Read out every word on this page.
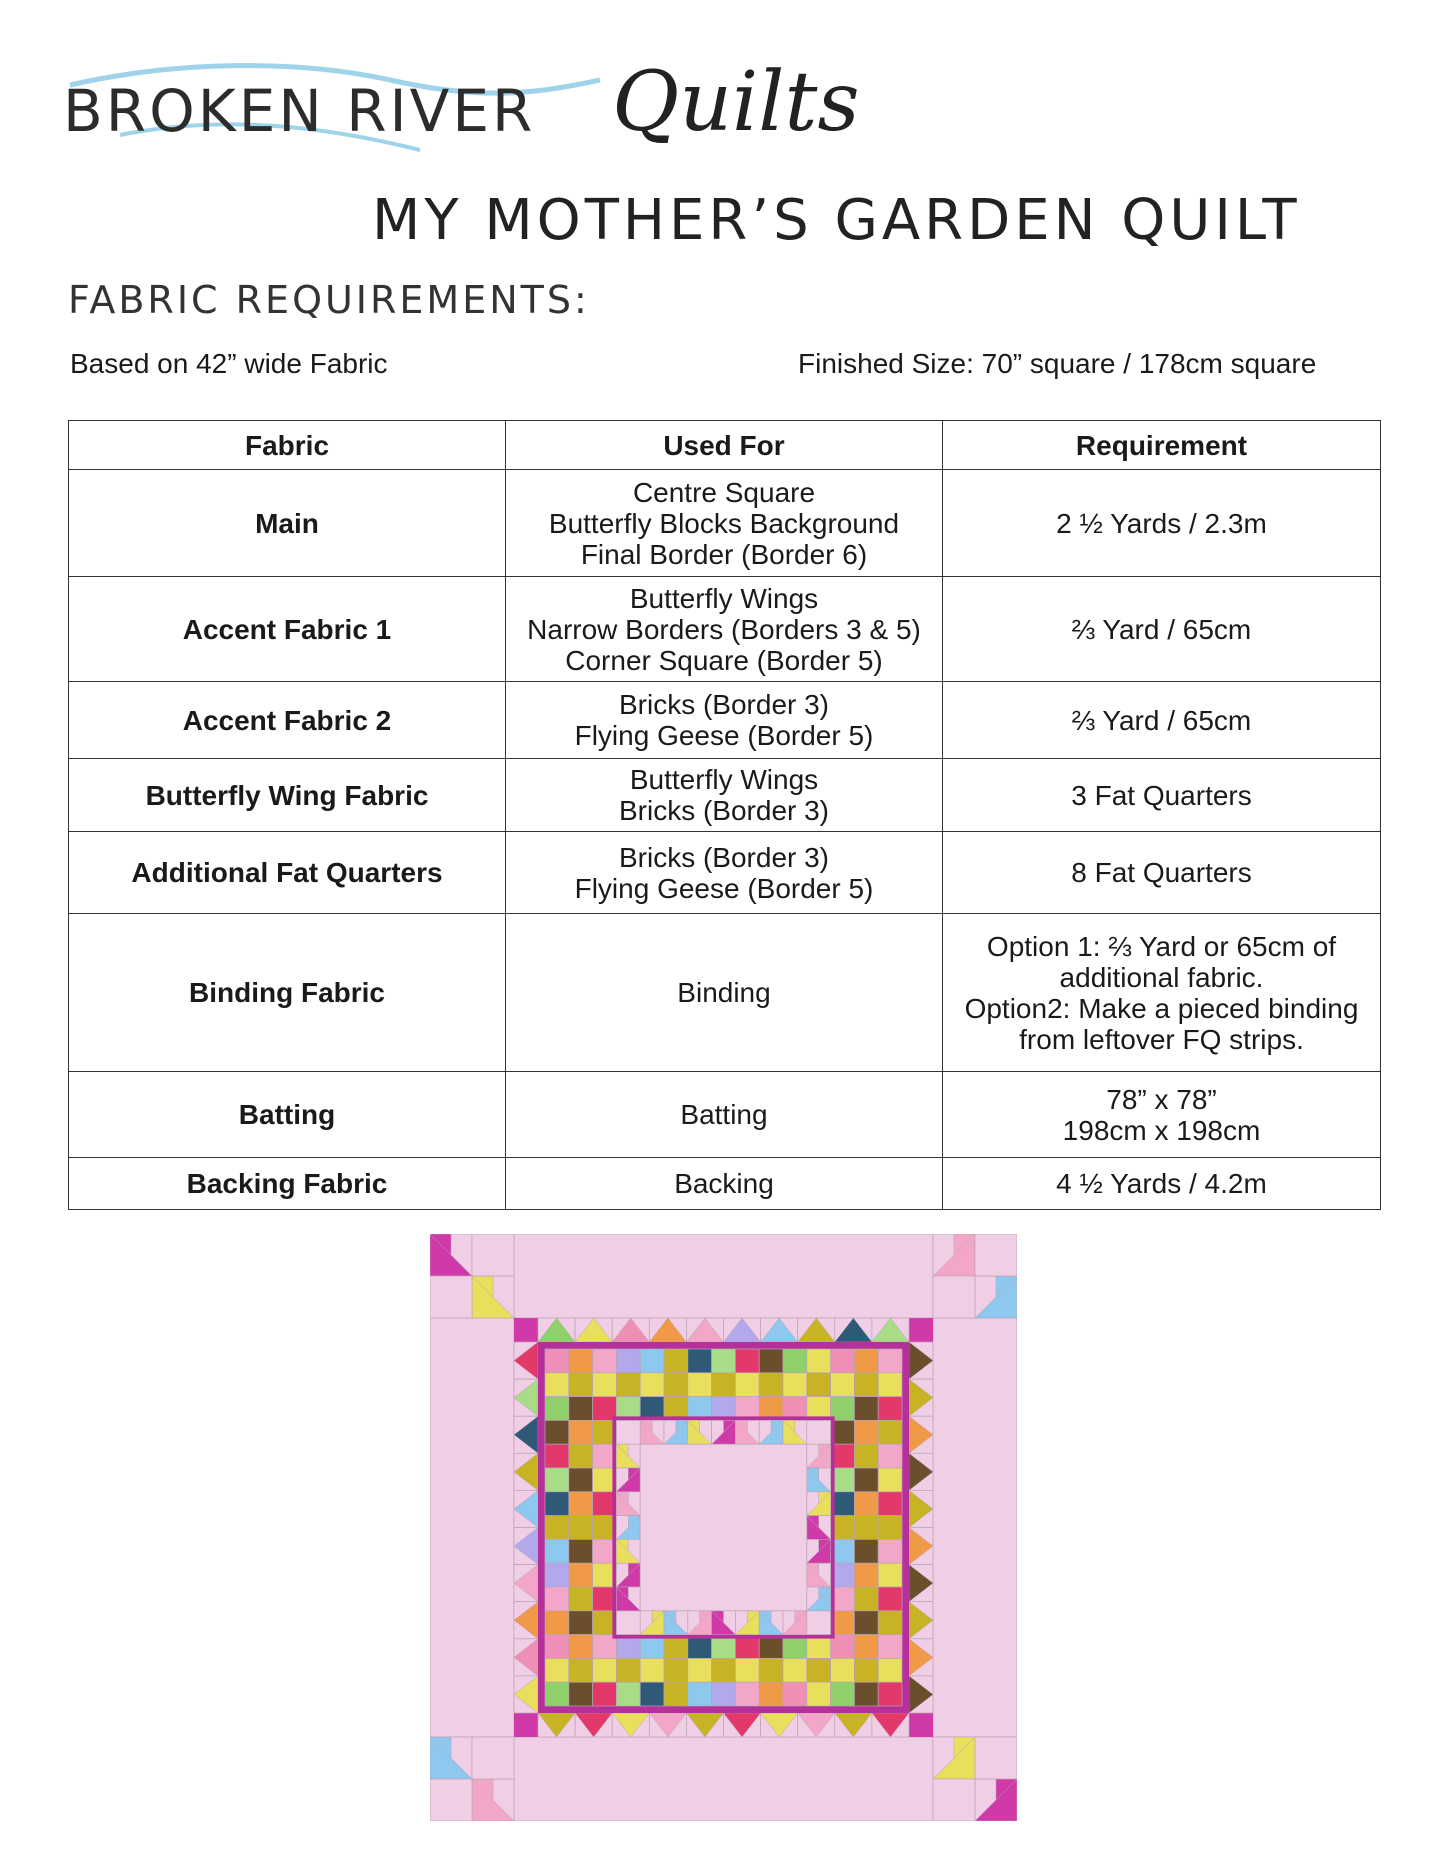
BROKEN RIVER Quilts
MY MOTHER’S GARDEN QUILT
FABRIC REQUIREMENTS:
Based on 42” wide Fabric	Finished Size: 70” square / 178cm square
Fabric	Used For	Requirement
Main	Centre Square
Butterfly Blocks Background
Final Border (Border 6)	2 ½ Yards / 2.3m

Accent Fabric 1	Butterfly Wings
Narrow Borders (Borders 3 & 5)
Corner Square (Border 5)	⅔ Yard / 65cm

Accent Fabric 2	Bricks (Border 3)
Flying Geese (Border 5)	⅔ Yard / 65cm

Butterfly Wing Fabric	Butterfly Wings
Bricks (Border 3)	3 Fat Quarters

Additional Fat Quarters	Bricks (Border 3)
Flying Geese (Border 5)	8 Fat Quarters

Binding Fabric	Binding	Option 1: ⅔ Yard or 65cm of
additional fabric.
Option2: Make a pieced binding
from leftover FQ strips.

Batting	Batting	78” x 78”
198cm x 198cm

Backing Fabric	Backing	4 ½ Yards / 4.2m
